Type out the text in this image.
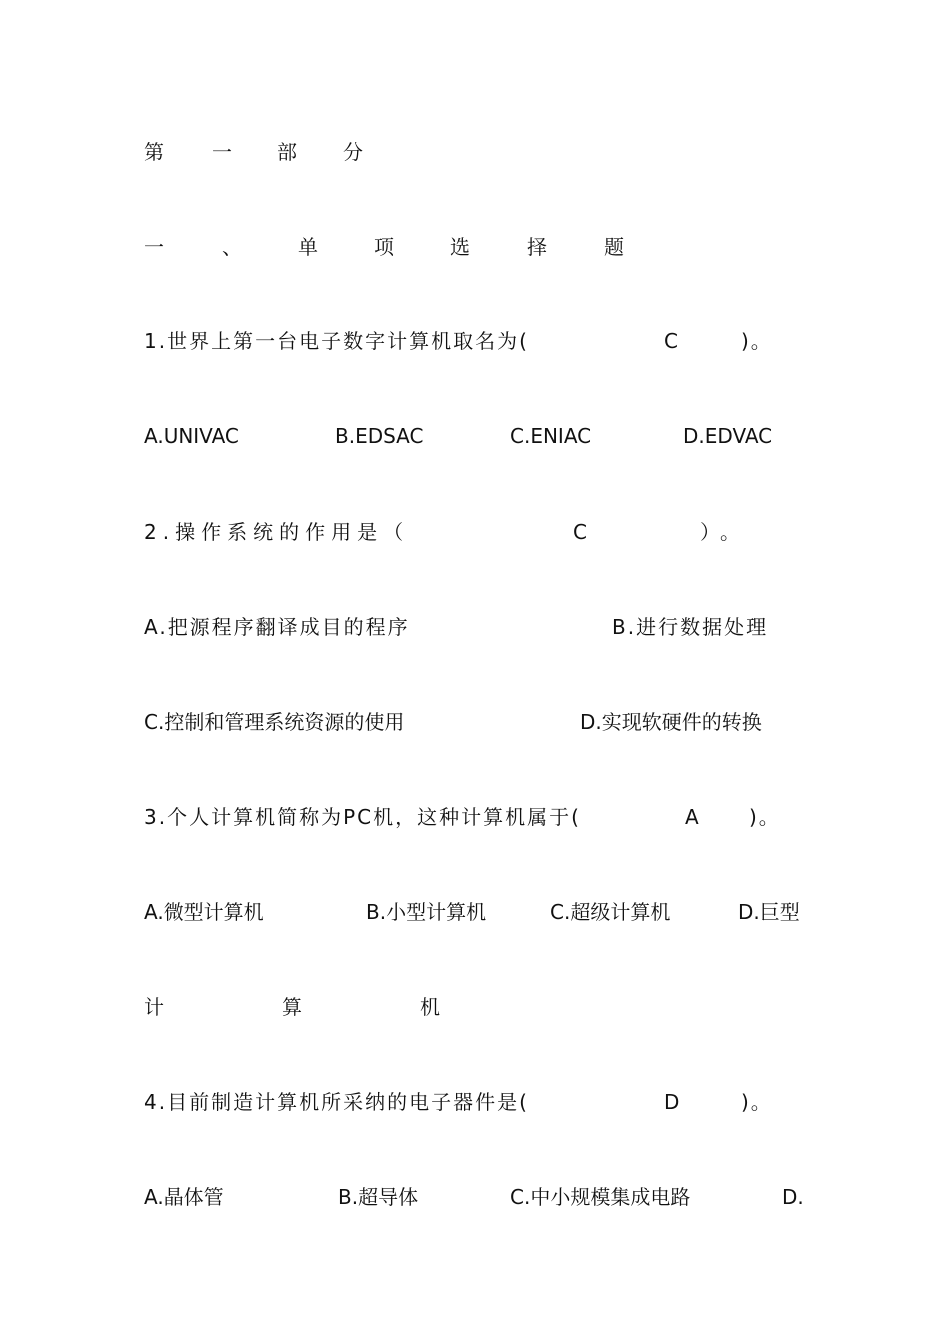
第 一 部 分
一	、	单	项	选	择	题
1.世界上第一台电子数字计算机取名为(	C	)。
A.UNIVAC	B.EDSAC	C.ENIAC	D.EDVAC
2.操作系统的作用是（	C	）。
A.把源程序翻译成目的程序	B.进行数据处理
C.控制和管理系统资源的使用	D.实现软硬件的转换
3.个人计算机简称为PC机，这种计算机属于(	A	)。
A.微型计算机	B.小型计算机	C.超级计算机	D.巨型
计	算	机
4.目前制造计算机所采纳的电子器件是(	D	)。
A.晶体管	B.超导体	C.中小规模集成电路	D.
